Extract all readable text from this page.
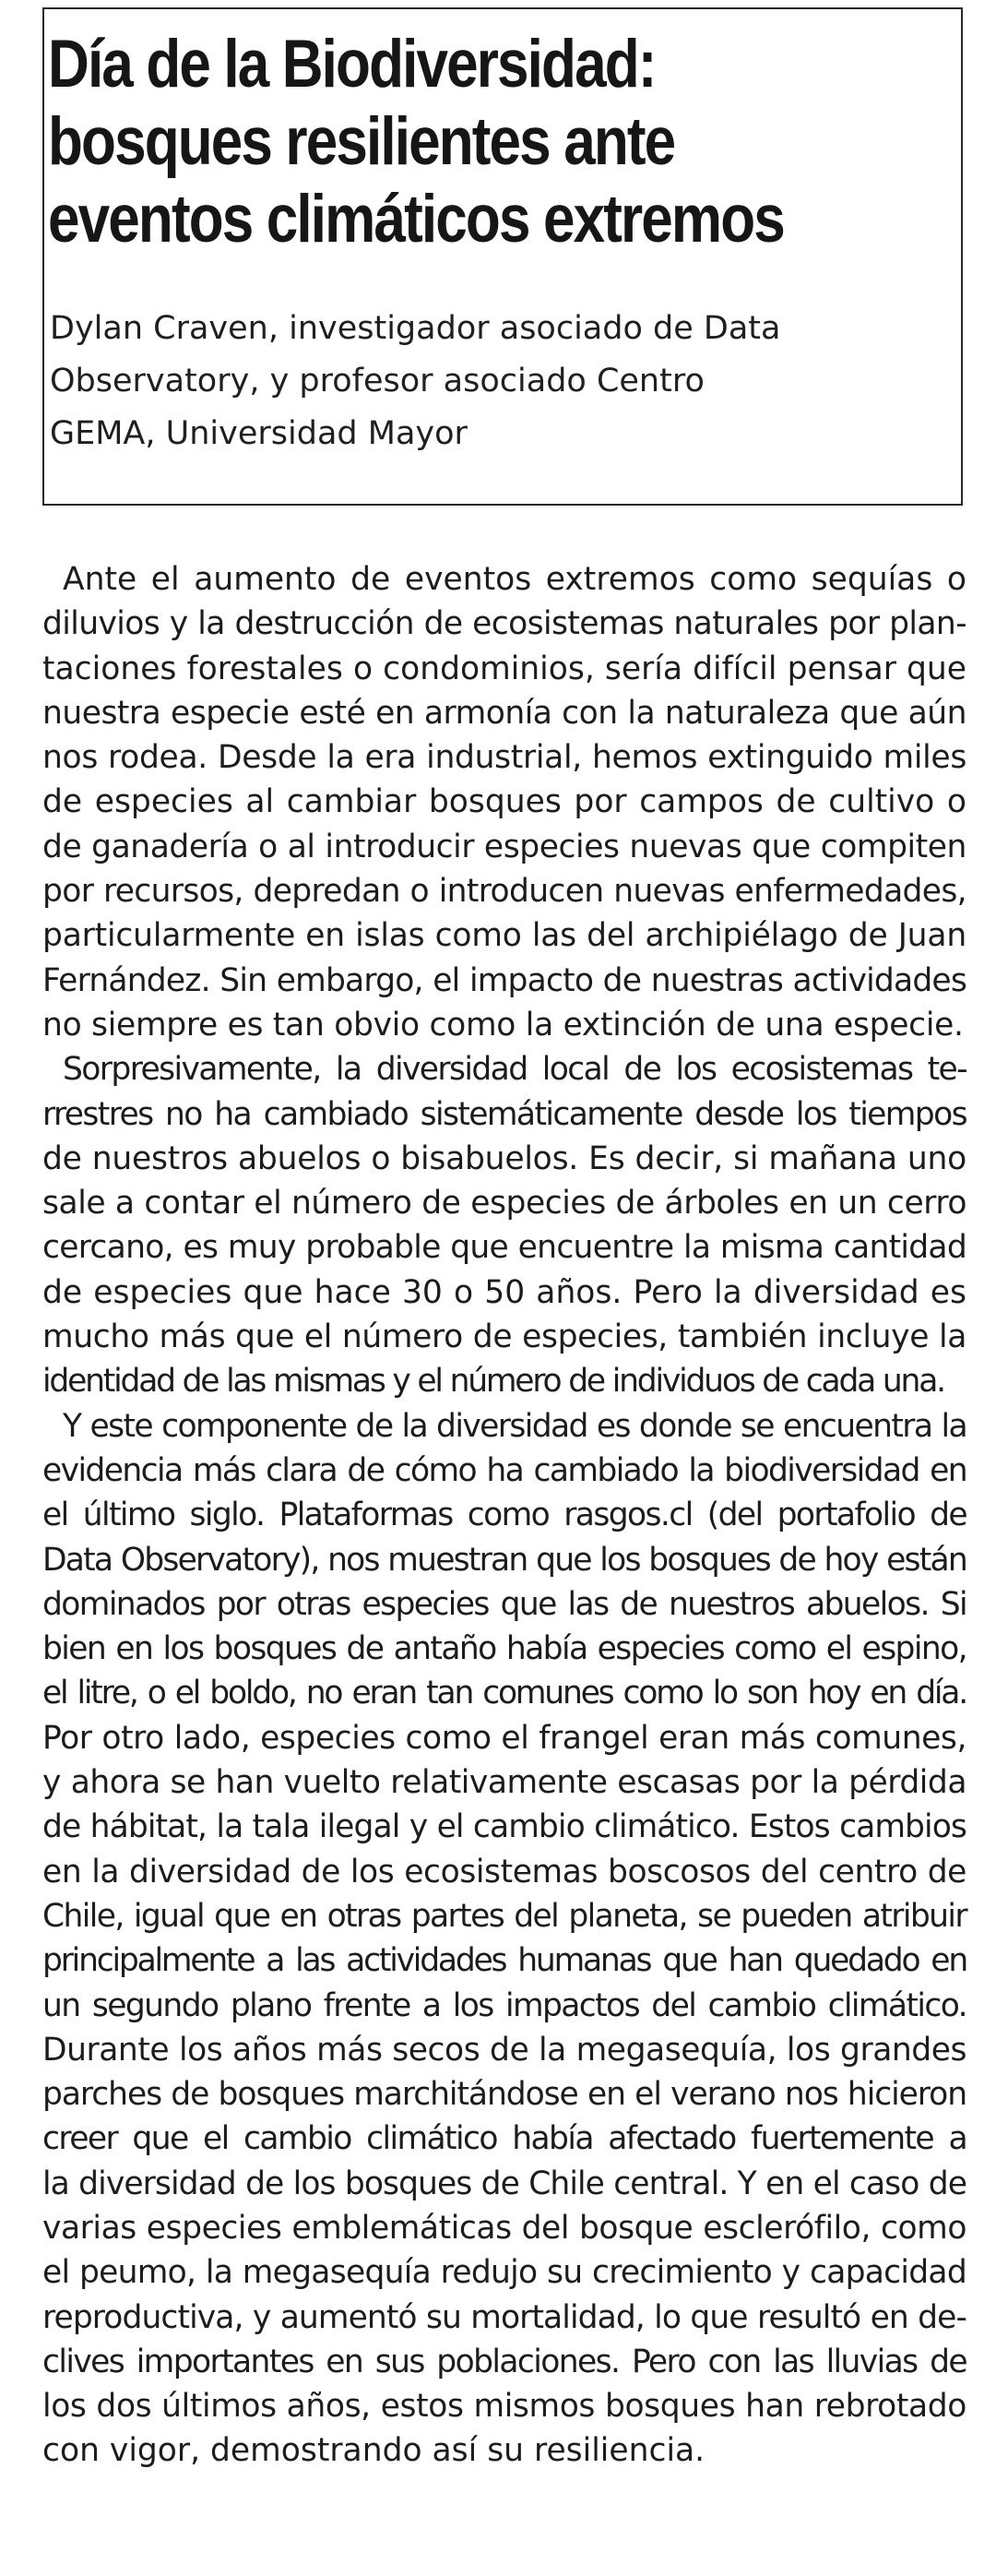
Día de la Biodiversidad:
bosques resilientes ante
eventos climáticos extremos
Dylan Craven, investigador asociado de Data
Observatory, y profesor asociado Centro
GEMA, Universidad Mayor
Ante el aumento de eventos extremos como sequías o
diluvios y la destrucción de ecosistemas naturales por plan-
taciones forestales o condominios, sería difícil pensar que
nuestra especie esté en armonía con la naturaleza que aún
nos rodea. Desde la era industrial, hemos extinguido miles
de especies al cambiar bosques por campos de cultivo o
de ganadería o al introducir especies nuevas que compiten
por recursos, depredan o introducen nuevas enfermedades,
particularmente en islas como las del archipiélago de Juan
Fernández. Sin embargo, el impacto de nuestras actividades
no siempre es tan obvio como la extinción de una especie.
Sorpresivamente, la diversidad local de los ecosistemas te-
rrestres no ha cambiado sistemáticamente desde los tiempos
de nuestros abuelos o bisabuelos. Es decir, si mañana uno
sale a contar el número de especies de árboles en un cerro
cercano, es muy probable que encuentre la misma cantidad
de especies que hace 30 o 50 años. Pero la diversidad es
mucho más que el número de especies, también incluye la
identidad de las mismas y el número de individuos de cada una.
Y este componente de la diversidad es donde se encuentra la
evidencia más clara de cómo ha cambiado la biodiversidad en
el último siglo. Plataformas como rasgos.cl (del portafolio de
Data Observatory), nos muestran que los bosques de hoy están
dominados por otras especies que las de nuestros abuelos. Si
bien en los bosques de antaño había especies como el espino,
el litre, o el boldo, no eran tan comunes como lo son hoy en día.
Por otro lado, especies como el frangel eran más comunes,
y ahora se han vuelto relativamente escasas por la pérdida
de hábitat, la tala ilegal y el cambio climático. Estos cambios
en la diversidad de los ecosistemas boscosos del centro de
Chile, igual que en otras partes del planeta, se pueden atribuir
principalmente a las actividades humanas que han quedado en
un segundo plano frente a los impactos del cambio climático.
Durante los años más secos de la megasequía, los grandes
parches de bosques marchitándose en el verano nos hicieron
creer que el cambio climático había afectado fuertemente a
la diversidad de los bosques de Chile central. Y en el caso de
varias especies emblemáticas del bosque esclerófilo, como
el peumo, la megasequía redujo su crecimiento y capacidad
reproductiva, y aumentó su mortalidad, lo que resultó en de-
clives importantes en sus poblaciones. Pero con las lluvias de
los dos últimos años, estos mismos bosques han rebrotado
con vigor, demostrando así su resiliencia.
